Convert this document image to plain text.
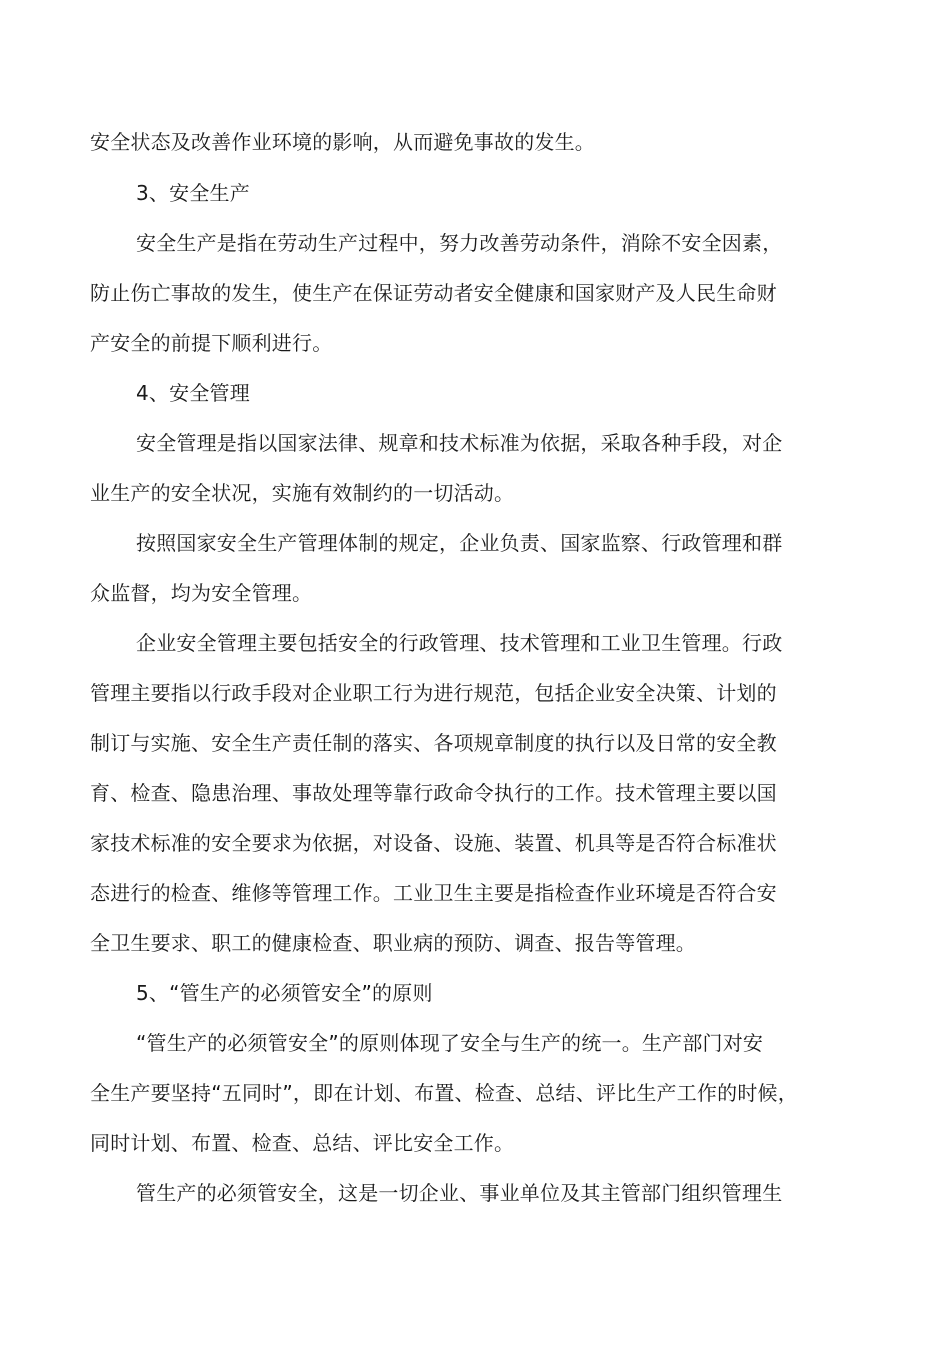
安全状态及改善作业环境的影响，从而避免事故的发生。
3、安全生产
安全生产是指在劳动生产过程中，努力改善劳动条件，消除不安全因素，
防止伤亡事故的发生，使生产在保证劳动者安全健康和国家财产及人民生命财
产安全的前提下顺利进行。
4、安全管理
安全管理是指以国家法律、规章和技术标准为依据，采取各种手段，对企
业生产的安全状况，实施有效制约的一切活动。
按照国家安全生产管理体制的规定，企业负责、国家监察、行政管理和群
众监督，均为安全管理。
企业安全管理主要包括安全的行政管理、技术管理和工业卫生管理。行政
管理主要指以行政手段对企业职工行为进行规范，包括企业安全决策、计划的
制订与实施、安全生产责任制的落实、各项规章制度的执行以及日常的安全教
育、检查、隐患治理、事故处理等靠行政命令执行的工作。技术管理主要以国
家技术标准的安全要求为依据，对设备、设施、装置、机具等是否符合标准状
态进行的检查、维修等管理工作。工业卫生主要是指检查作业环境是否符合安
全卫生要求、职工的健康检查、职业病的预防、调查、报告等管理。
5、“管生产的必须管安全”的原则
“管生产的必须管安全”的原则体现了安全与生产的统一。生产部门对安
全生产要坚持“五同时”，即在计划、布置、检查、总结、评比生产工作的时候，
同时计划、布置、检查、总结、评比安全工作。
管生产的必须管安全，这是一切企业、事业单位及其主管部门组织管理生
